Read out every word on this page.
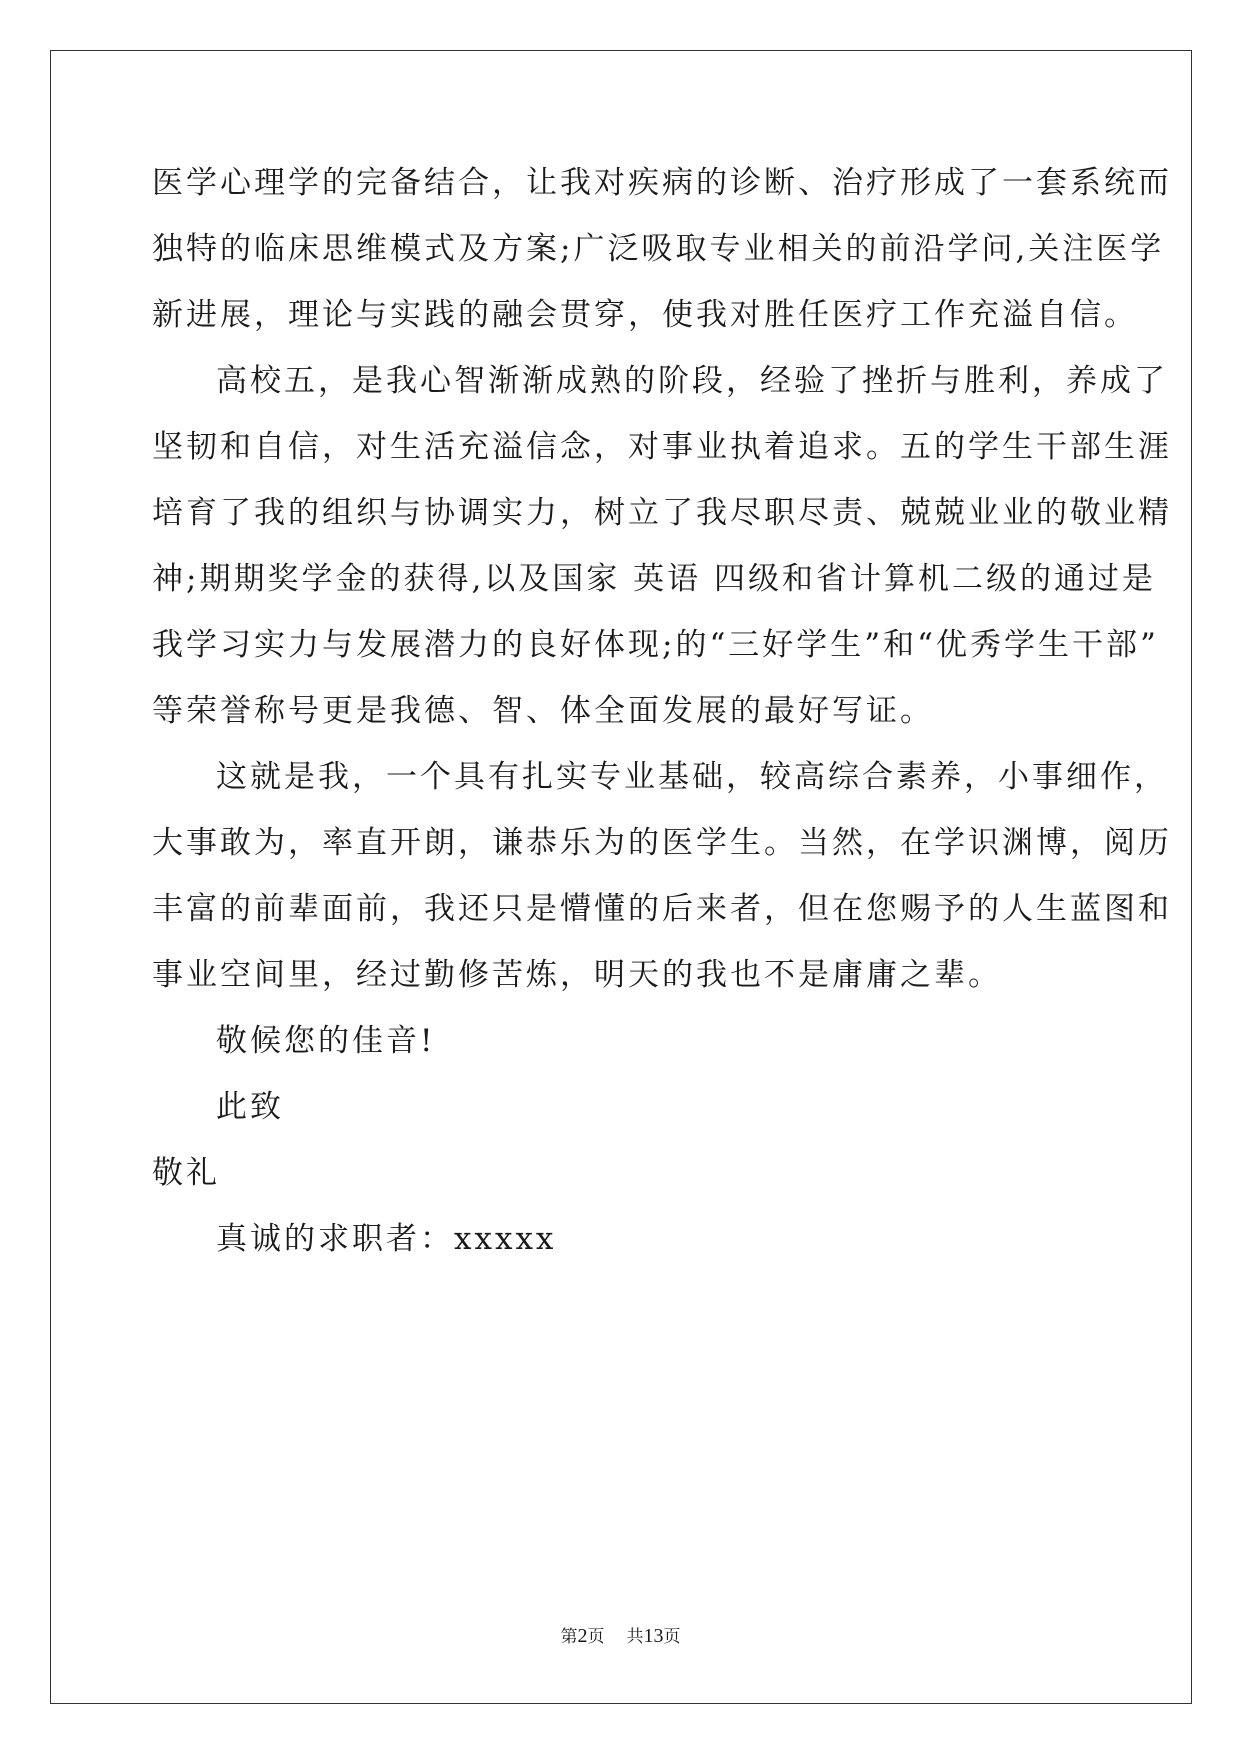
医学心理学的完备结合，让我对疾病的诊断、治疗形成了一套系统而
独特的临床思维模式及方案;广泛吸取专业相关的前沿学问,关注医学
新进展，理论与实践的融会贯穿，使我对胜任医疗工作充溢自信。

高校五，是我心智渐渐成熟的阶段，经验了挫折与胜利，养成了
坚韧和自信，对生活充溢信念，对事业执着追求。五的学生干部生涯
培育了我的组织与协调实力，树立了我尽职尽责、兢兢业业的敬业精
神;期期奖学金的获得,以及国家 英语 四级和省计算机二级的通过是
我学习实力与发展潜力的良好体现;的“三好学生”和“优秀学生干部”
等荣誉称号更是我德、智、体全面发展的最好写证。

这就是我，一个具有扎实专业基础，较高综合素养，小事细作，
大事敢为，率直开朗，谦恭乐为的医学生。当然，在学识渊博，阅历
丰富的前辈面前，我还只是懵懂的后来者，但在您赐予的人生蓝图和
事业空间里，经过勤修苦炼，明天的我也不是庸庸之辈。

敬候您的佳音!

此致

敬礼

真诚的求职者：xxxxx

第2页 共13页
